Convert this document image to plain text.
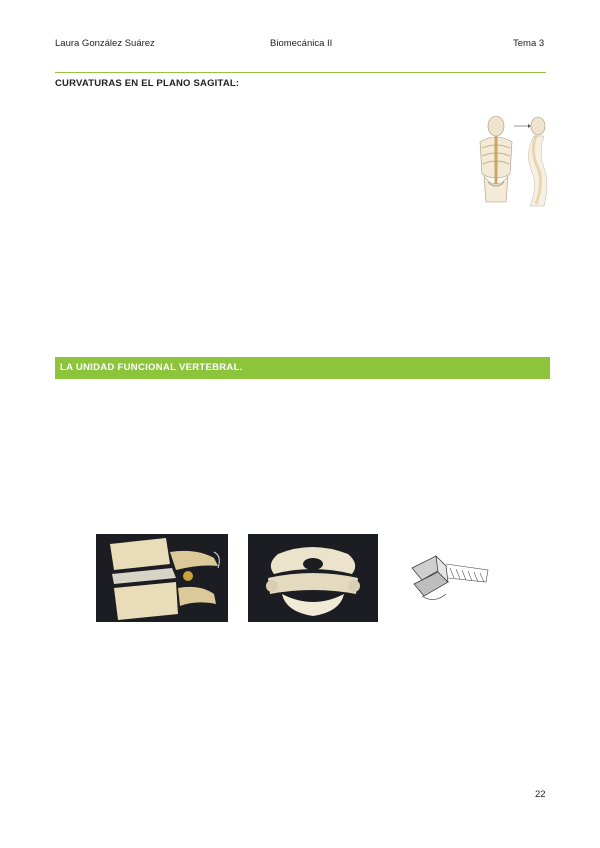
Laura González Suárez	Biomecánica II	Tema 3
CURVATURAS EN EL PLANO SAGITAL:
LA UNIDAD FUNCIONAL VERTEBRAL.
22
